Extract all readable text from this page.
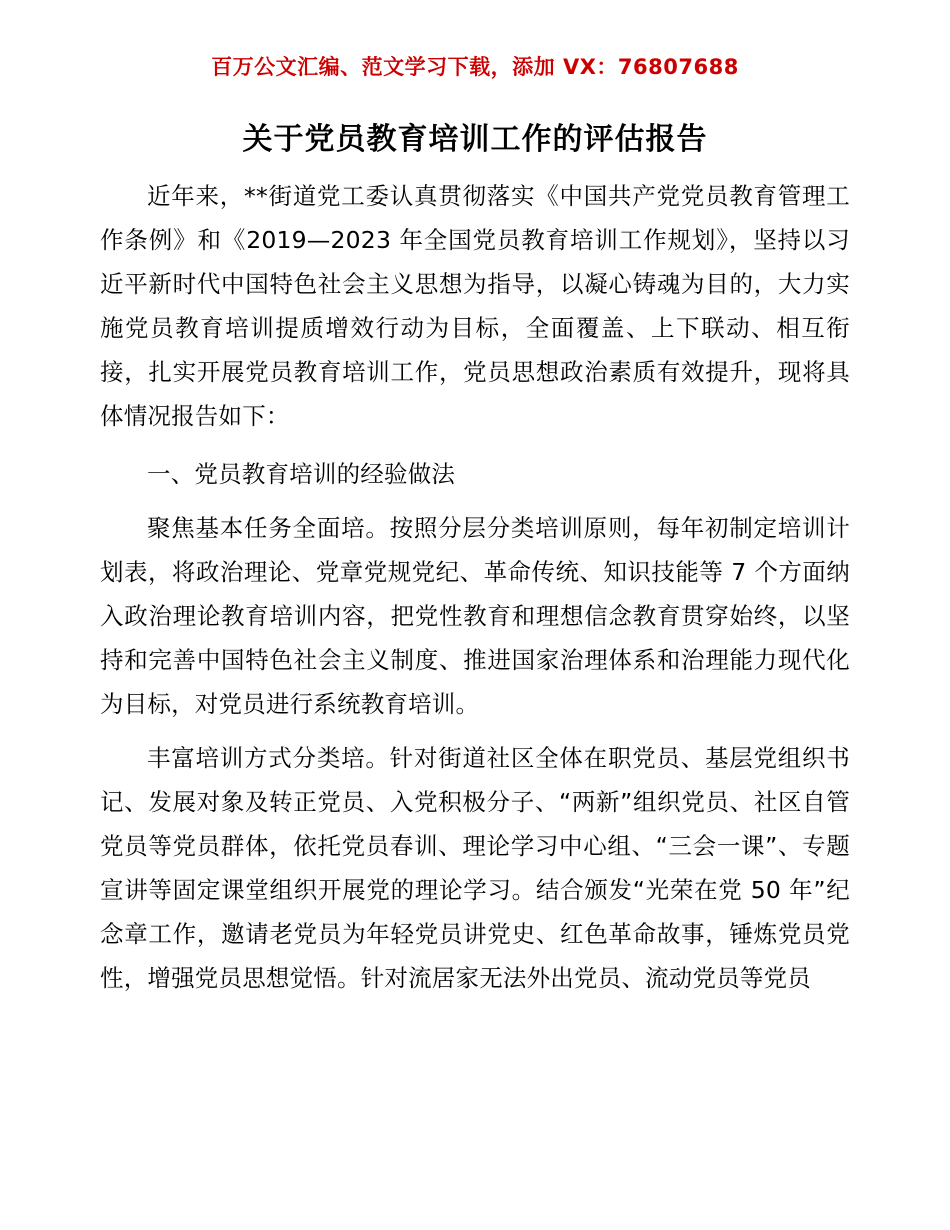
百万公文汇编、范文学习下载，添加 VX：76807688
关于党员教育培训工作的评估报告

近年来，**街道党工委认真贯彻落实《中国共产党党员教育管理工作条例》和《2019—2023 年全国党员教育培训工作规划》，坚持以习近平新时代中国特色社会主义思想为指导，以凝心铸魂为目的，大力实施党员教育培训提质增效行动为目标，全面覆盖、上下联动、相互衔接，扎实开展党员教育培训工作，党员思想政治素质有效提升，现将具体情况报告如下：

一、党员教育培训的经验做法

聚焦基本任务全面培。按照分层分类培训原则，每年初制定培训计划表，将政治理论、党章党规党纪、革命传统、知识技能等 7 个方面纳入政治理论教育培训内容，把党性教育和理想信念教育贯穿始终，以坚持和完善中国特色社会主义制度、推进国家治理体系和治理能力现代化为目标，对党员进行系统教育培训。

丰富培训方式分类培。针对街道社区全体在职党员、基层党组织书记、发展对象及转正党员、入党积极分子、“两新”组织党员、社区自管党员等党员群体，依托党员春训、理论学习中心组、“三会一课”、专题宣讲等固定课堂组织开展党的理论学习。结合颁发“光荣在党 50 年”纪念章工作，邀请老党员为年轻党员讲党史、红色革命故事，锤炼党员党性，增强党员思想觉悟。针对流居家无法外出党员、流动党员等党员
